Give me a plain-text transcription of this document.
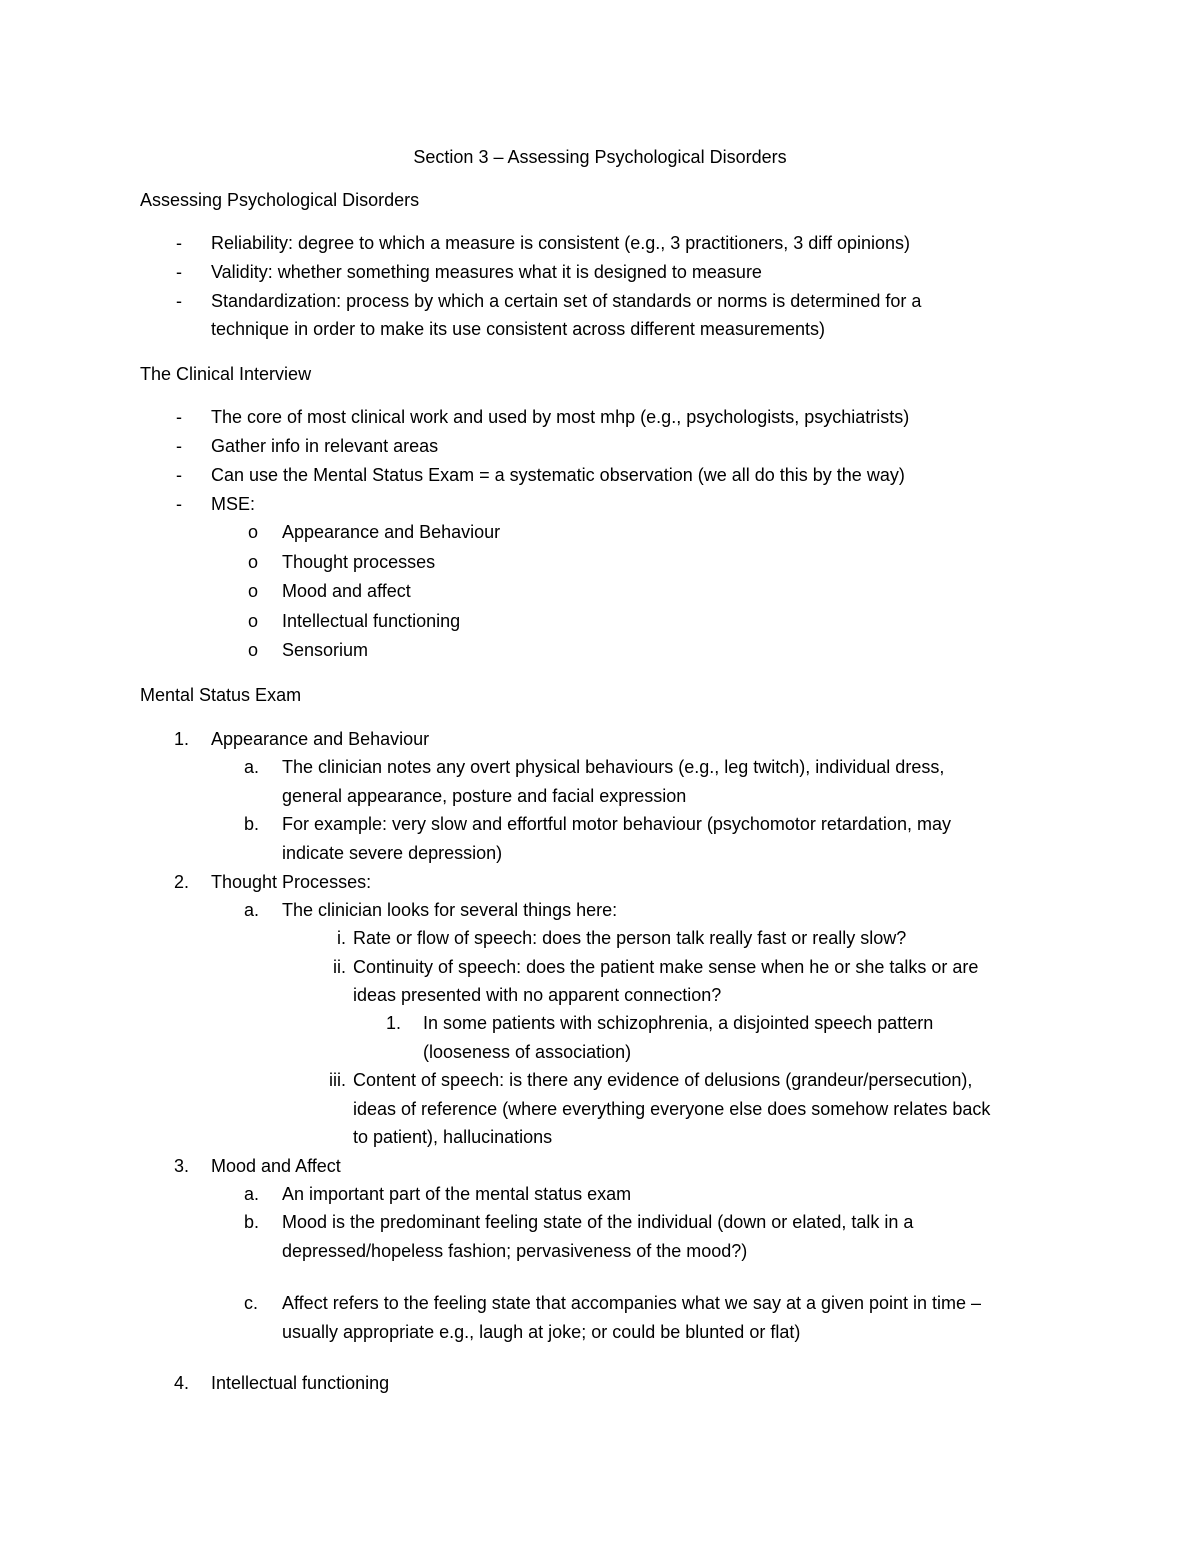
Section 3 – Assessing Psychological Disorders
Assessing Psychological Disorders
- Reliability: degree to which a measure is consistent (e.g., 3 practitioners, 3 diff opinions)
- Validity: whether something measures what it is designed to measure
- Standardization: process by which a certain set of standards or norms is determined for a
technique in order to make its use consistent across different measurements)
The Clinical Interview
- The core of most clinical work and used by most mhp (e.g., psychologists, psychiatrists)
- Gather info in relevant areas
- Can use the Mental Status Exam = a systematic observation (we all do this by the way)
- MSE:
o Appearance and Behaviour
o Thought processes
o Mood and affect
o Intellectual functioning
o Sensorium
Mental Status Exam
1. Appearance and Behaviour
a. The clinician notes any overt physical behaviours (e.g., leg twitch), individual dress,
general appearance, posture and facial expression
b. For example: very slow and effortful motor behaviour (psychomotor retardation, may
indicate severe depression)
2. Thought Processes:
a. The clinician looks for several things here:
i. Rate or flow of speech: does the person talk really fast or really slow?
ii. Continuity of speech: does the patient make sense when he or she talks or are
ideas presented with no apparent connection?
1. In some patients with schizophrenia, a disjointed speech pattern
(looseness of association)
iii. Content of speech: is there any evidence of delusions (grandeur/persecution),
ideas of reference (where everything everyone else does somehow relates back
to patient), hallucinations
3. Mood and Affect
a. An important part of the mental status exam
b. Mood is the predominant feeling state of the individual (down or elated, talk in a
depressed/hopeless fashion; pervasiveness of the mood?)
c. Affect refers to the feeling state that accompanies what we say at a given point in time –
usually appropriate e.g., laugh at joke; or could be blunted or flat)
4. Intellectual functioning
